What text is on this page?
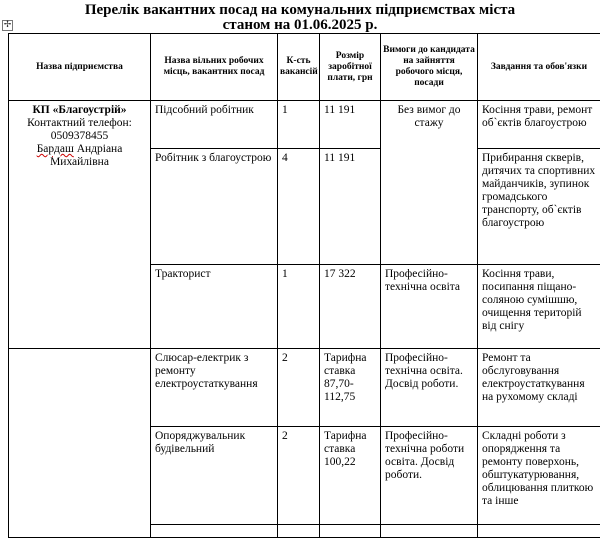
Перелік вакантних посад на комунальних підприємствах міста
станом на 01.06.2025 р.
✢
Назва підприємства	Назва вільних робочих місць, вакантних посад	К-сть вакансій	Розмір заробітної плати, грн	Вимоги до кандидата на зайняття робочого місця, посади	Завдання та обов'язки

КП «Благоустрій»
Контактний телефон:
0509378455
Бардаш Андріана
Михайлівна	Підсобний робітник	1	11 191	Без вимог до стажу	Косіння трави, ремонт об`єктів благоустрою
	Робітник з благоустрою	4	11 191		Прибирання скверів, дитячих та спортивних майданчиків, зупинок громадського транспорту, об`єктів благоустрою
	Тракторист	1	17 322	Професійно-технічна освіта	Косіння трави, посипання піщано-соляною сумішшю, очищення територій від снігу
	Слюсар-електрик з ремонту електроустаткування	2	Тарифна ставка 87,70-112,75	Професійно-технічна освіта. Досвід роботи.	Ремонт та обслуговування електроустаткування на рухомому складі
	Опоряджувальник будівельний	2	Тарифна ставка 100,22	Професійно-технічна роботи освіта. Досвід роботи.	Складні роботи з опорядження та ремонту поверхонь, обштукатурювання, облицювання плиткою та інше
